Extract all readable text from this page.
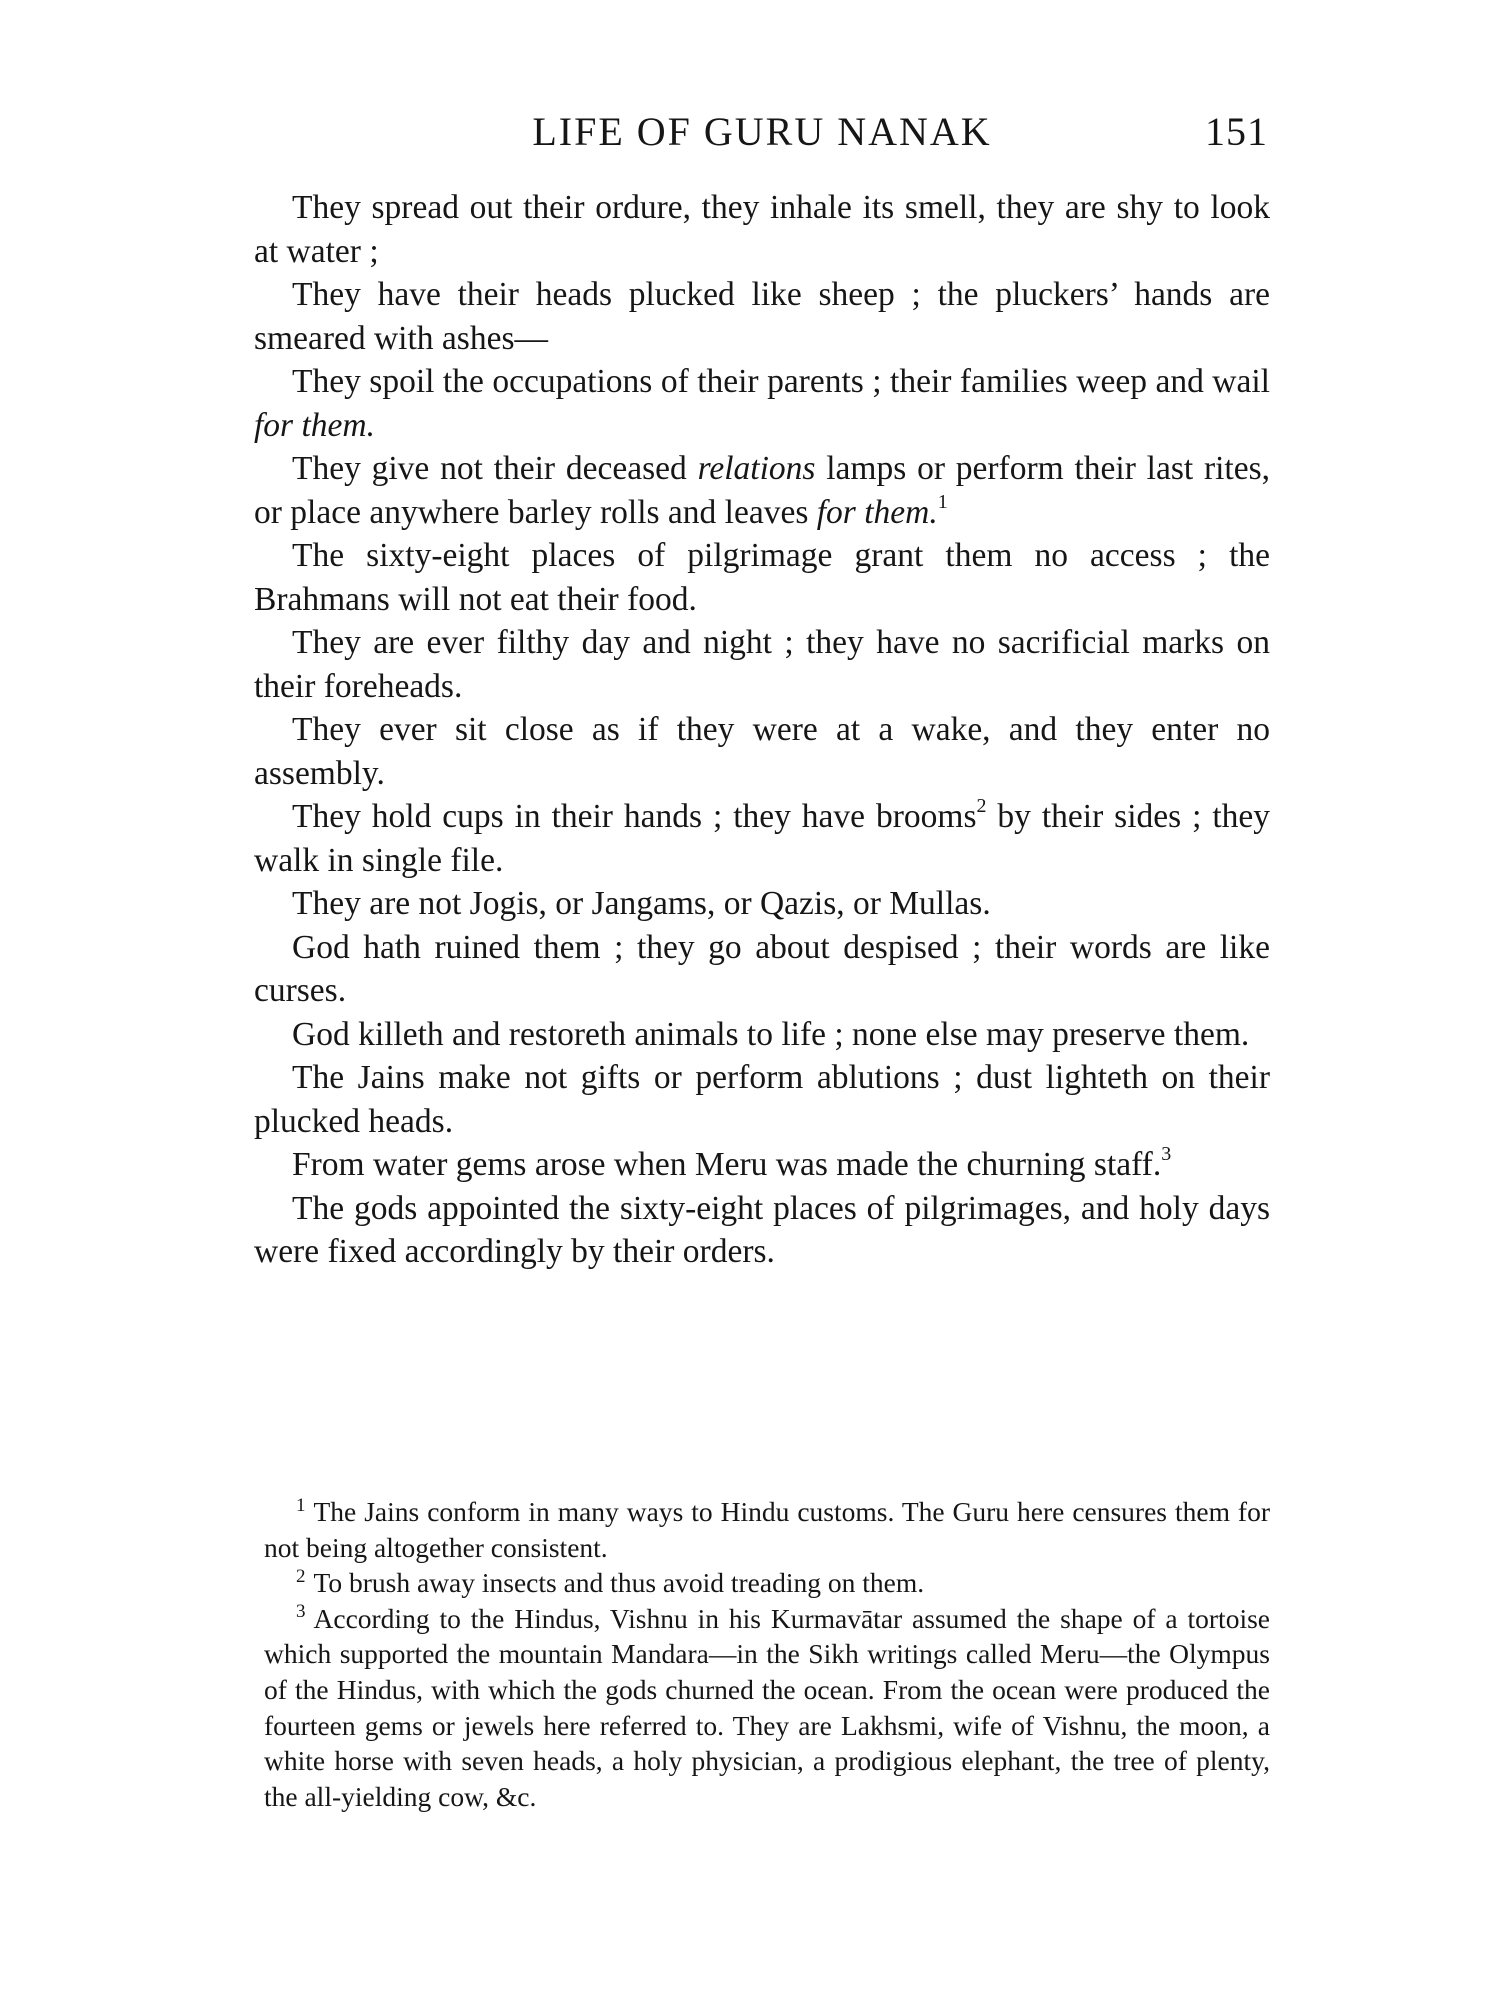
LIFE OF GURU NANAK	151

They spread out their ordure, they inhale its smell, they are shy to look at water ;

They have their heads plucked like sheep ; the pluckers’ hands are smeared with ashes—

They spoil the occupations of their parents ; their families weep and wail for them.

They give not their deceased relations lamps or perform their last rites, or place anywhere barley rolls and leaves for them.$^1$

The sixty-eight places of pilgrimage grant them no access ; the Brahmans will not eat their food.

They are ever filthy day and night ; they have no sacrificial marks on their foreheads.

They ever sit close as if they were at a wake, and they enter no assembly.

They hold cups in their hands ; they have brooms$^2$ by their sides ; they walk in single file.

They are not Jogis, or Jangams, or Qazis, or Mullas.

God hath ruined them ; they go about despised ; their words are like curses.

God killeth and restoreth animals to life ; none else may preserve them.

The Jains make not gifts or perform ablutions ; dust lighteth on their plucked heads.

From water gems arose when Meru was made the churning staff.$^3$

The gods appointed the sixty-eight places of pilgrimages, and holy days were fixed accordingly by their orders.

$^1$ The Jains conform in many ways to Hindu customs. The Guru here censures them for not being altogether consistent.

$^2$ To brush away insects and thus avoid treading on them.

$^3$ According to the Hindus, Vishnu in his Kurmavātar assumed the shape of a tortoise which supported the mountain Mandara—in the Sikh writings called Meru—the Olympus of the Hindus, with which the gods churned the ocean. From the ocean were produced the fourteen gems or jewels here referred to. They are Lakhsmi, wife of Vishnu, the moon, a white horse with seven heads, a holy physician, a prodigious elephant, the tree of plenty, the all-yielding cow, &c.
